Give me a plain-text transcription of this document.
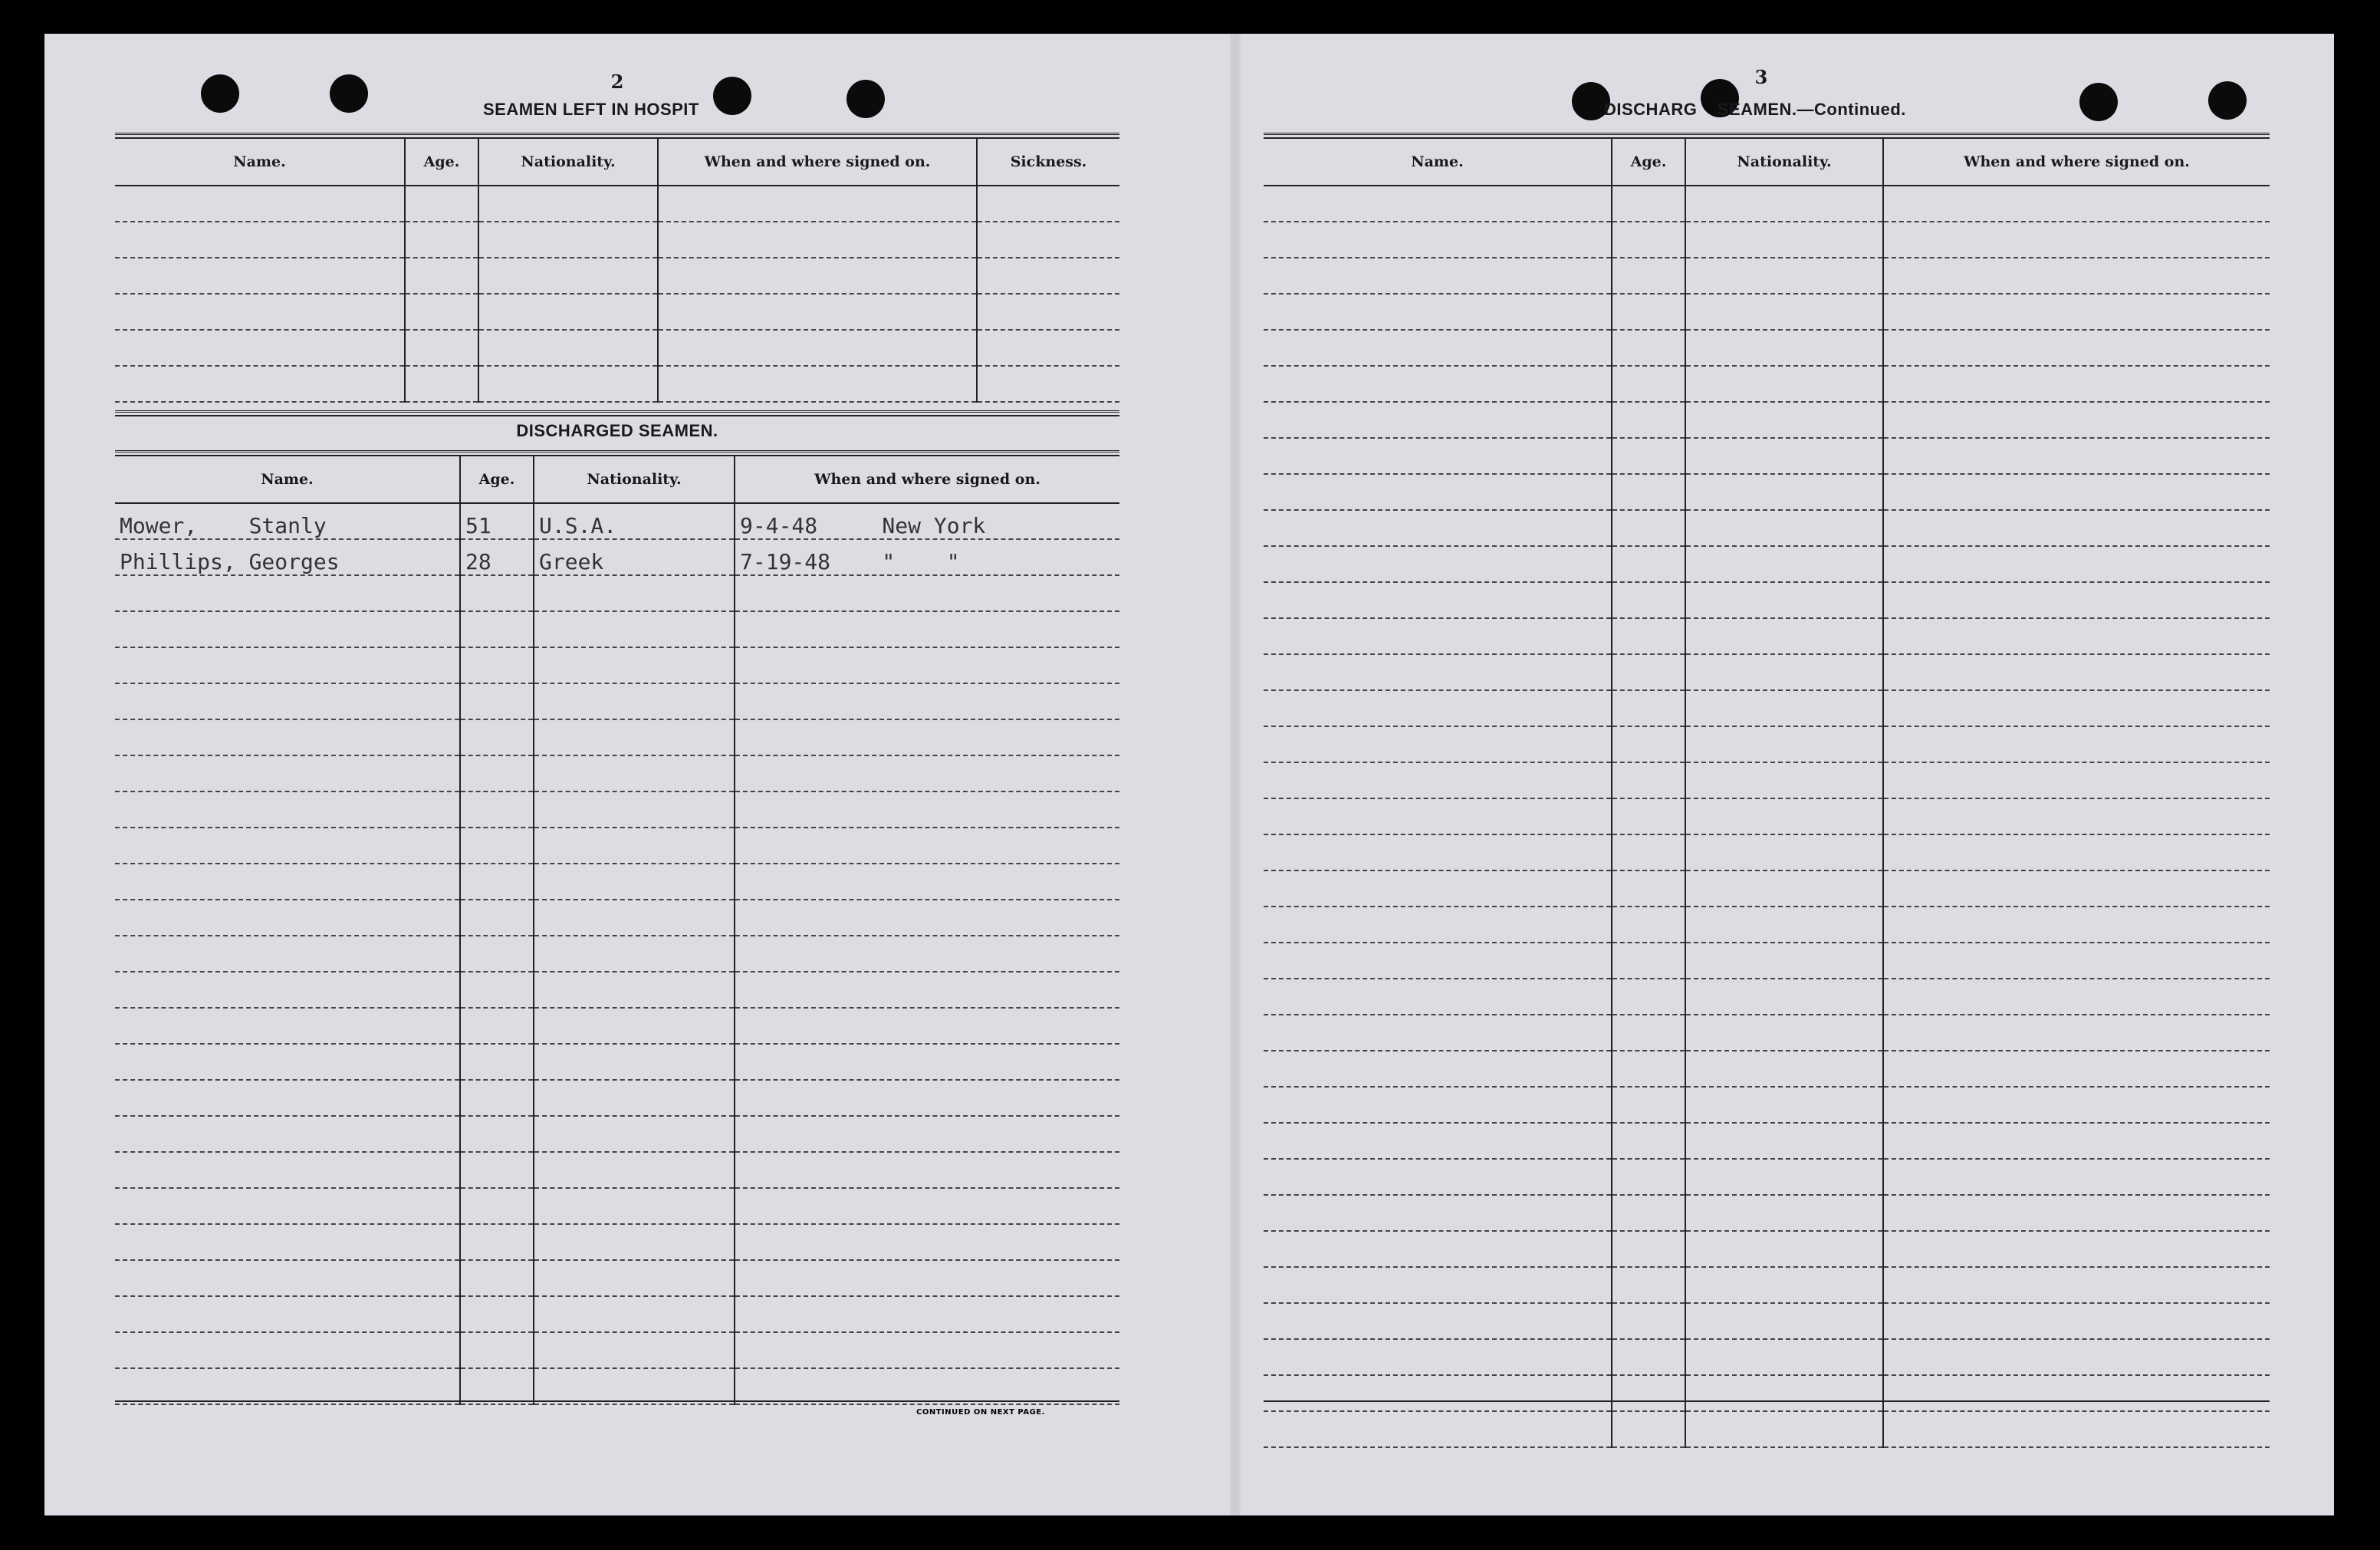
2
SEAMEN LEFT IN HOSPIT
Name.	Age.	Nationality.	When and where signed on.	Sickness.

DISCHARGED SEAMEN.
Name.	Age.	Nationality.	When and where signed on.
Mower,    Stanly	51	U.S.A.	9-4-48     New York
Phillips, Georges	28	Greek	7-19-48    "    "

CONTINUED ON NEXT PAGE.
3
DISCHARG    SEAMEN.—Continued.
Name.	Age.	Nationality.	When and where signed on.
